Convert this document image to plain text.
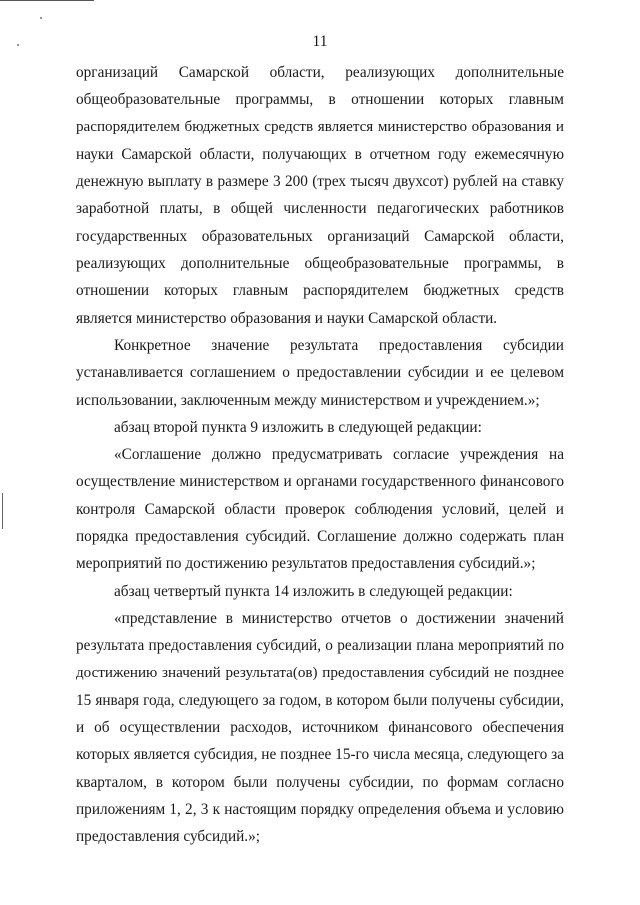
11

организаций Самарской области, реализующих дополнительные
общеобразовательные программы, в отношении которых главным
распорядителем бюджетных средств является министерство образования и
науки Самарской области, получающих в отчетном году ежемесячную
денежную выплату в размере 3 200 (трех тысяч двухсот) рублей на ставку
заработной платы, в общей численности педагогических работников
государственных образовательных организаций Самарской области,
реализующих дополнительные общеобразовательные программы, в
отношении которых главным распорядителем бюджетных средств
является министерство образования и науки Самарской области.

Конкретное значение результата предоставления субсидии
устанавливается соглашением о предоставлении субсидии и ее целевом
использовании, заключенным между министерством и учреждением.»;

абзац второй пункта 9 изложить в следующей редакции:

«Соглашение должно предусматривать согласие учреждения на
осуществление министерством и органами государственного финансового
контроля Самарской области проверок соблюдения условий, целей и
порядка предоставления субсидий. Соглашение должно содержать план
мероприятий по достижению результатов предоставления субсидий.»;

абзац четвертый пункта 14 изложить в следующей редакции:

«представление в министерство отчетов о достижении значений
результата предоставления субсидий, о реализации плана мероприятий по
достижению значений результата(ов) предоставления субсидий не позднее
15 января года, следующего за годом, в котором были получены субсидии,
и об осуществлении расходов, источником финансового обеспечения
которых является субсидия, не позднее 15-го числа месяца, следующего за
кварталом, в котором были получены субсидии, по формам согласно
приложениям 1, 2, 3 к настоящим порядку определения объема и условию
предоставления субсидий.»;
